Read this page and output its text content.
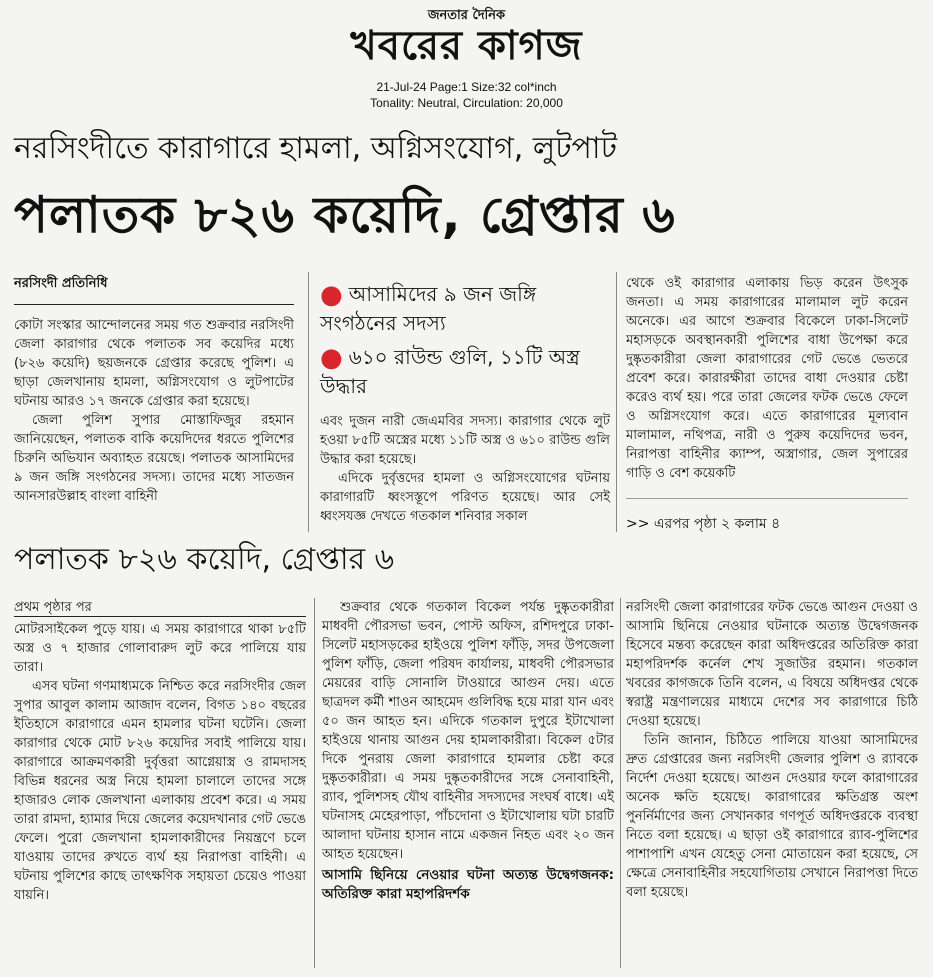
জনতার দৈনিক
খবরের কাগজ
21-Jul-24 Page:1 Size:32 col*inch
Tonality: Neutral, Circulation: 20,000
নরসিংদীতে কারাগারে হামলা, অগ্নিসংযোগ, লুটপাট
পলাতক ৮২৬ কয়েদি, গ্রেপ্তার ৬
নরসিংদী প্রতিনিধি

কোটা সংস্কার আন্দোলনের সময় গত শুক্রবার নরসিংদী জেলা কারাগার থেকে পলাতক সব কয়েদির মধ্যে (৮২৬ কয়েদি) ছয়জনকে গ্রেপ্তার করেছে পুলিশ। এ ছাড়া জেলখানায় হামলা, অগ্নিসংযোগ ও লুটপাটের ঘটনায় আরও ১৭ জনকে গ্রেপ্তার করা হয়েছে।

জেলা পুলিশ সুপার মোস্তাফিজুর রহমান জানিয়েছেন, পলাতক বাকি কয়েদিদের ধরতে পুলিশের চিরুনি অভিযান অব্যাহত রয়েছে। পলাতক আসামিদের ৯ জন জঙ্গি সংগঠনের সদস্য। তাদের মধ্যে সাতজন আনসারউল্লাহ বাংলা বাহিনী

● আসামিদের ৯ জন জঙ্গি সংগঠনের সদস্য
● ৬১০ রাউন্ড গুলি, ১১টি অস্ত্র উদ্ধার

এবং দুজন নারী জেএমবির সদস্য। কারাগার থেকে লুট হওয়া ৮৫টি অস্ত্রের মধ্যে ১১টি অস্ত্র ও ৬১০ রাউন্ড গুলি উদ্ধার করা হয়েছে।

এদিকে দুর্বৃত্তদের হামলা ও অগ্নিসংযোগের ঘটনায় কারাগারটি ধ্বংসস্তূপে পরিণত হয়েছে। আর সেই ধ্বংসযজ্ঞ দেখতে গতকাল শনিবার সকাল

থেকে ওই কারাগার এলাকায় ভিড় করেন উৎসুক জনতা। এ সময় কারাগারের মালামাল লুট করেন অনেকে। এর আগে শুক্রবার বিকেলে ঢাকা-সিলেট মহাসড়কে অবস্থানকারী পুলিশের বাধা উপেক্ষা করে দুষ্কৃতকারীরা জেলা কারাগারের গেট ভেঙে ভেতরে প্রবেশ করে। কারারক্ষীরা তাদের বাধা দেওয়ার চেষ্টা করেও ব্যর্থ হয়। পরে তারা জেলের ফটক ভেঙে ফেলে ও অগ্নিসংযোগ করে। এতে কারাগারের মূল্যবান মালামাল, নথিপত্র, নারী ও পুরুষ কয়েদিদের ভবন, নিরাপত্তা বাহিনীর ক্যাম্প, অস্ত্রাগার, জেল সুপারের গাড়ি ও বেশ কয়েকটি

>> এরপর পৃষ্ঠা ২ কলাম ৪
পলাতক ৮২৬ কয়েদি, গ্রেপ্তার ৬
প্রথম পৃষ্ঠার পর

মোটরসাইকেল পুড়ে যায়। এ সময় কারাগারে থাকা ৮৫টি অস্ত্র ও ৭ হাজার গোলাবারুদ লুট করে পালিয়ে যায় তারা।

এসব ঘটনা গণমাধ্যমকে নিশ্চিত করে নরসিংদীর জেল সুপার আবুল কালাম আজাদ বলেন, বিগত ১৪০ বছরের ইতিহাসে কারাগারে এমন হামলার ঘটনা ঘটেনি। জেলা কারাগার থেকে মোট ৮২৬ কয়েদির সবাই পালিয়ে যায়। কারাগারে আক্রমণকারী দুর্বৃত্তরা আগ্নেয়াস্ত্র ও রামদাসহ বিভিন্ন ধরনের অস্ত্র নিয়ে হামলা চালালে তাদের সঙ্গে হাজারও লোক জেলখানা এলাকায় প্রবেশ করে। এ সময় তারা রামদা, হ্যামার দিয়ে জেলের কয়েদখানার গেট ভেঙে ফেলে। পুরো জেলখানা হামলাকারীদের নিয়ন্ত্রণে চলে যাওয়ায় তাদের রুখতে ব্যর্থ হয় নিরাপত্তা বাহিনী। এ ঘটনায় পুলিশের কাছে তাৎক্ষণিক সহায়তা চেয়েও পাওয়া যায়নি।

শুক্রবার থেকে গতকাল বিকেল পর্যন্ত দুষ্কৃতকারীরা মাধবদী পৌরসভা ভবন, পোস্ট অফিস, রশিদপুরে ঢাকা-সিলেট মহাসড়কের হাইওয়ে পুলিশ ফাঁড়ি, সদর উপজেলা পুলিশ ফাঁড়ি, জেলা পরিষদ কার্যালয়, মাধবদী পৌরসভার মেয়রের বাড়ি সোনালি টাওয়ারে আগুন দেয়। এতে ছাত্রদল কর্মী শাওন আহমেদ গুলিবিদ্ধ হয়ে মারা যান এবং ৫০ জন আহত হন। এদিকে গতকাল দুপুরে ইটাখোলা হাইওয়ে থানায় আগুন দেয় হামলাকারীরা। বিকেল ৫টার দিকে পুনরায় জেলা কারাগারে হামলার চেষ্টা করে দুষ্কৃতকারীরা। এ সময় দুষ্কৃতকারীদের সঙ্গে সেনাবাহিনী, র‍্যাব, পুলিশসহ যৌথ বাহিনীর সদস্যদের সংঘর্ষ বাধে। এই ঘটনাসহ মেহেরপাড়া, পাঁচদোনা ও ইটাখোলায় ঘটা চারটি আলাদা ঘটনায় হাসান নামে একজন নিহত এবং ২০ জন আহত হয়েছেন।

আসামি ছিনিয়ে নেওয়ার ঘটনা অত্যন্ত উদ্বেগজনক: অতিরিক্ত কারা মহাপরিদর্শক

নরসিংদী জেলা কারাগারের ফটক ভেঙে আগুন দেওয়া ও আসামি ছিনিয়ে নেওয়ার ঘটনাকে অত্যন্ত উদ্বেগজনক হিসেবে মন্তব্য করেছেন কারা অধিদপ্তরের অতিরিক্ত কারা মহাপরিদর্শক কর্নেল শেখ সুজাউর রহমান। গতকাল খবরের কাগজকে তিনি বলেন, এ বিষয়ে অধিদপ্তর থেকে স্বরাষ্ট্র মন্ত্রণালয়ের মাধ্যমে দেশের সব কারাগারে চিঠি দেওয়া হয়েছে।

তিনি জানান, চিঠিতে পালিয়ে যাওয়া আসামিদের দ্রুত গ্রেপ্তারের জন্য নরসিংদী জেলার পুলিশ ও র‍্যাবকে নির্দেশ দেওয়া হয়েছে। আগুন দেওয়ার ফলে কারাগারের অনেক ক্ষতি হয়েছে। কারাগারের ক্ষতিগ্রস্ত অংশ পুনর্নির্মাণের জন্য সেখানকার গণপূর্ত অধিদপ্তরকে ব্যবস্থা নিতে বলা হয়েছে। এ ছাড়া ওই কারাগারে র‍্যাব-পুলিশের পাশাপাশি এখন যেহেতু সেনা মোতায়েন করা হয়েছে, সে ক্ষেত্রে সেনাবাহিনীর সহযোগিতায় সেখানে নিরাপত্তা দিতে বলা হয়েছে।
